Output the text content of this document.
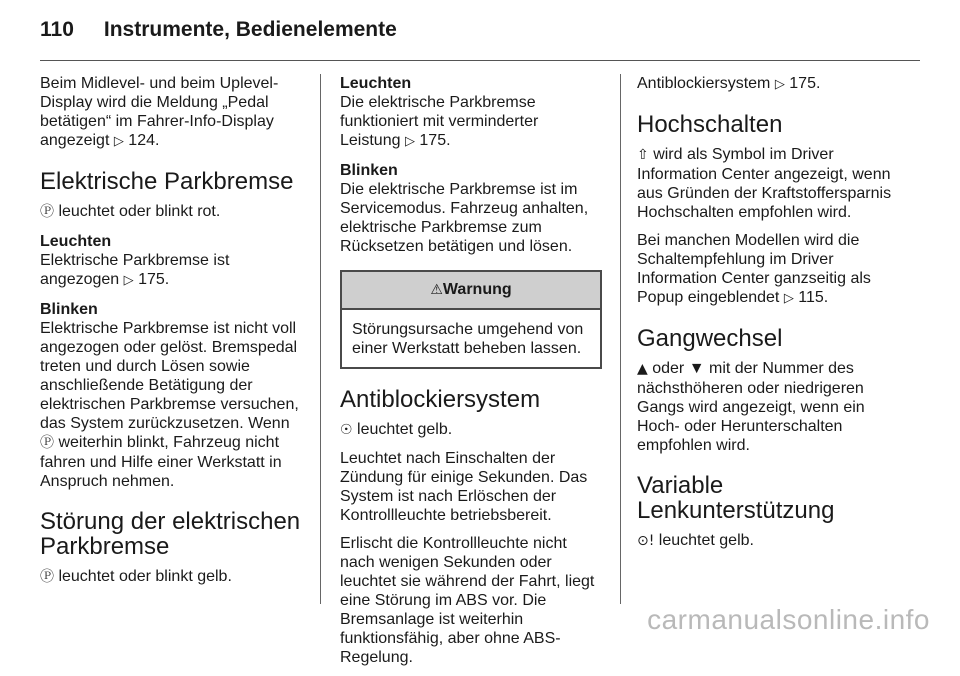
110 Instrumente, Bedienelemente

Beim Midlevel- und beim Uplevel-Display wird die Meldung „Pedal betätigen“ im Fahrer-Info-Display angezeigt ▷ 124.

Elektrische Parkbremse

Ⓟ leuchtet oder blinkt rot.

Leuchten

Elektrische Parkbremse ist angezogen ▷ 175.

Blinken

Elektrische Parkbremse ist nicht voll angezogen oder gelöst. Bremspedal treten und durch Lösen sowie anschließende Betätigung der elektrischen Parkbremse versuchen, das System zurückzusetzen. Wenn Ⓟ weiterhin blinkt, Fahrzeug nicht fahren und Hilfe einer Werkstatt in Anspruch nehmen.

Störung der elektrischen Parkbremse

Ⓟ leuchtet oder blinkt gelb.

Leuchten

Die elektrische Parkbremse funktioniert mit verminderter Leistung ▷ 175.

Blinken

Die elektrische Parkbremse ist im Servicemodus. Fahrzeug anhalten, elektrische Parkbremse zum Rücksetzen betätigen und lösen.

⚠Warnung
Störungsursache umgehend von einer Werkstatt beheben lassen.
Antiblockiersystem

☉ leuchtet gelb.

Leuchtet nach Einschalten der Zündung für einige Sekunden. Das System ist nach Erlöschen der Kontrollleuchte betriebsbereit.

Erlischt die Kontrollleuchte nicht nach wenigen Sekunden oder leuchtet sie während der Fahrt, liegt eine Störung im ABS vor. Die Bremsanlage ist weiterhin funktionsfähig, aber ohne ABS-Regelung.

Antiblockiersystem ▷ 175.

Hochschalten

⇧ wird als Symbol im Driver Information Center angezeigt, wenn aus Gründen der Kraftstoffersparnis Hochschalten empfohlen wird.

Bei manchen Modellen wird die Schaltempfehlung im Driver Information Center ganzseitig als Popup eingeblendet ▷ 115.

Gangwechsel

▲ oder ▼ mit der Nummer des nächsthöheren oder niedrigeren Gangs wird angezeigt, wenn ein Hoch- oder Herunterschalten empfohlen wird.

Variable Lenkunterstützung

⊙! leuchtet gelb.

carmanualsonline.info
